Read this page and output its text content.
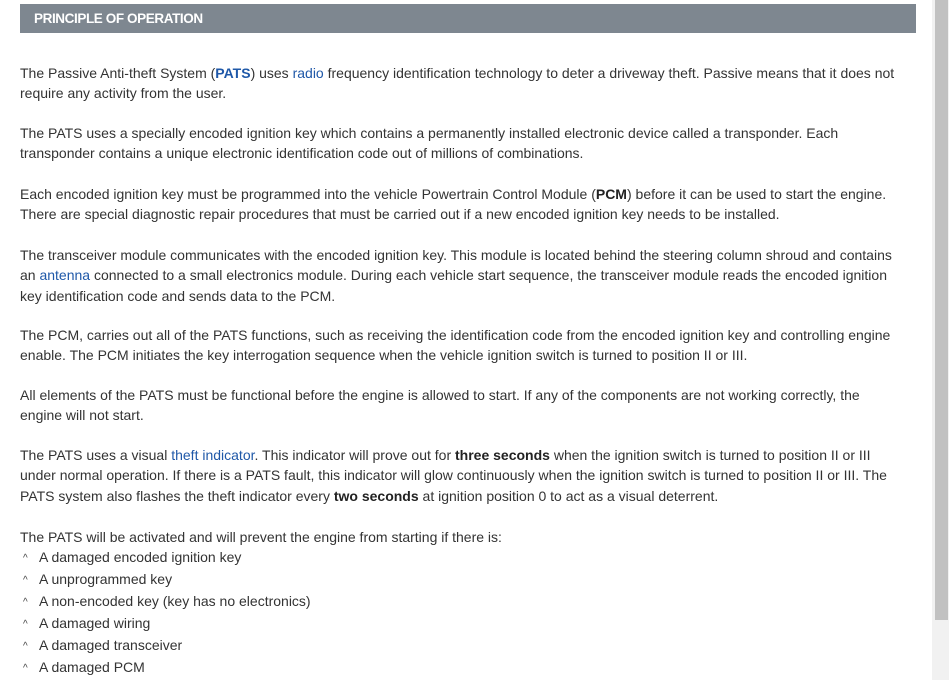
PRINCIPLE OF OPERATION

The Passive Anti-theft System (PATS) uses radio frequency identification technology to deter a driveway theft. Passive means that it does not
require any activity from the user.

The PATS uses a specially encoded ignition key which contains a permanently installed electronic device called a transponder. Each
transponder contains a unique electronic identification code out of millions of combinations.

Each encoded ignition key must be programmed into the vehicle Powertrain Control Module (PCM) before it can be used to start the engine.
There are special diagnostic repair procedures that must be carried out if a new encoded ignition key needs to be installed.

The transceiver module communicates with the encoded ignition key. This module is located behind the steering column shroud and contains
an antenna connected to a small electronics module. During each vehicle start sequence, the transceiver module reads the encoded ignition
key identification code and sends data to the PCM.

The PCM, carries out all of the PATS functions, such as receiving the identification code from the encoded ignition key and controlling engine
enable. The PCM initiates the key interrogation sequence when the vehicle ignition switch is turned to position II or III.

All elements of the PATS must be functional before the engine is allowed to start. If any of the components are not working correctly, the
engine will not start.

The PATS uses a visual theft indicator. This indicator will prove out for three seconds when the ignition switch is turned to position II or III
under normal operation. If there is a PATS fault, this indicator will glow continuously when the ignition switch is turned to position II or III. The
PATS system also flashes the theft indicator every two seconds at ignition position 0 to act as a visual deterrent.

The PATS will be activated and will prevent the engine from starting if there is:

^ A damaged encoded ignition key
^ A unprogrammed key
^ A non-encoded key (key has no electronics)
^ A damaged wiring
^ A damaged transceiver
^ A damaged PCM
